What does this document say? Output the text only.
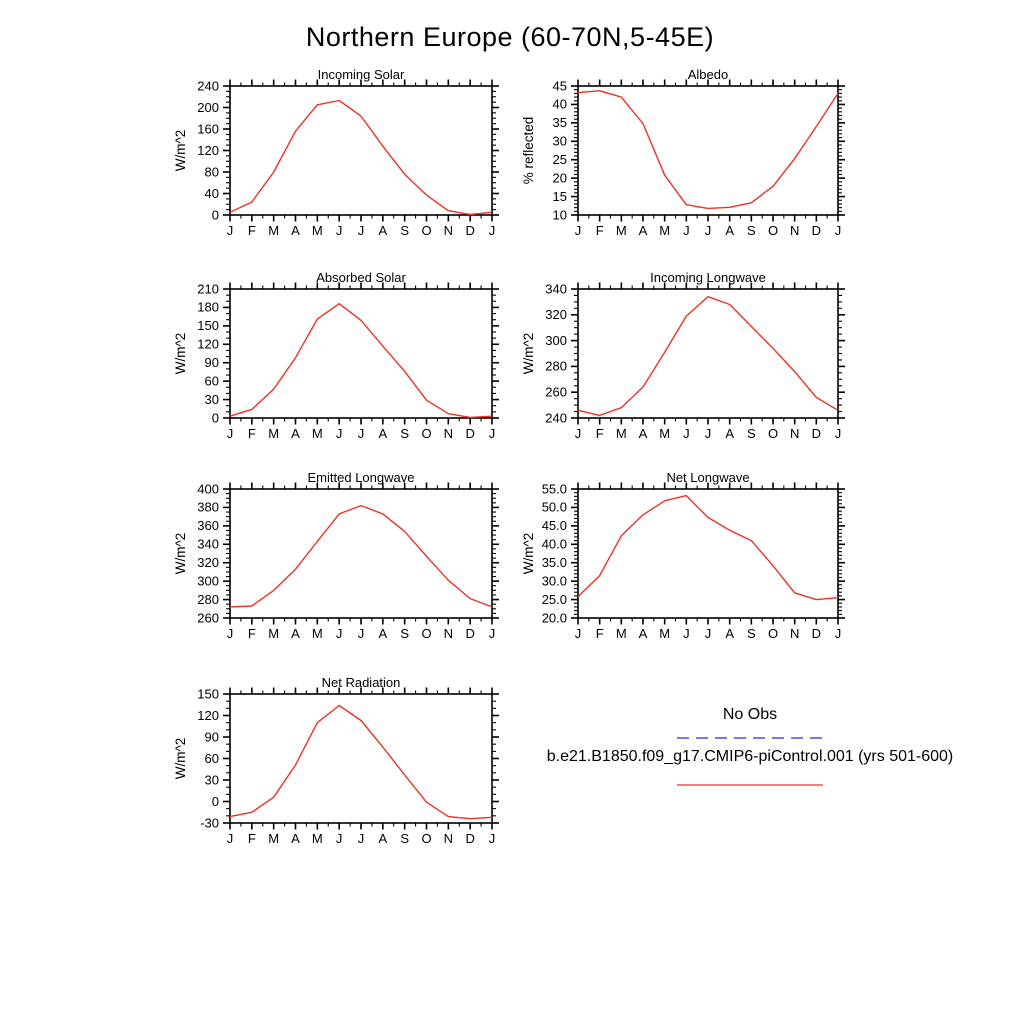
Northern Europe (60-70N,5-45E)
0
40
80
120
160
200
240
J F M A M J J A S O N D J
Incoming Solar
W/m^2
10
15
20
25
30
35
40
45
J F M A M J J A S O N D J
Albedo
% reflected
0
30
60
90
120
150
180
210
J F M A M J J A S O N D J
Absorbed Solar
W/m^2
240
260
280
300
320
340
J F M A M J J A S O N D J
Incoming Longwave
W/m^2
260
280
300
320
340
360
380
400
J F M A M J J A S O N D J
Emitted Longwave
W/m^2
20.0
25.0
30.0
35.0
40.0
45.0
50.0
55.0
J F M A M J J A S O N D J
Net Longwave
W/m^2
-30
0
30
60
90
120
150
J F M A M J J A S O N D J
Net Radiation
W/m^2
No Obs
b.e21.B1850.f09_g17.CMIP6-piControl.001 (yrs 501-600)
